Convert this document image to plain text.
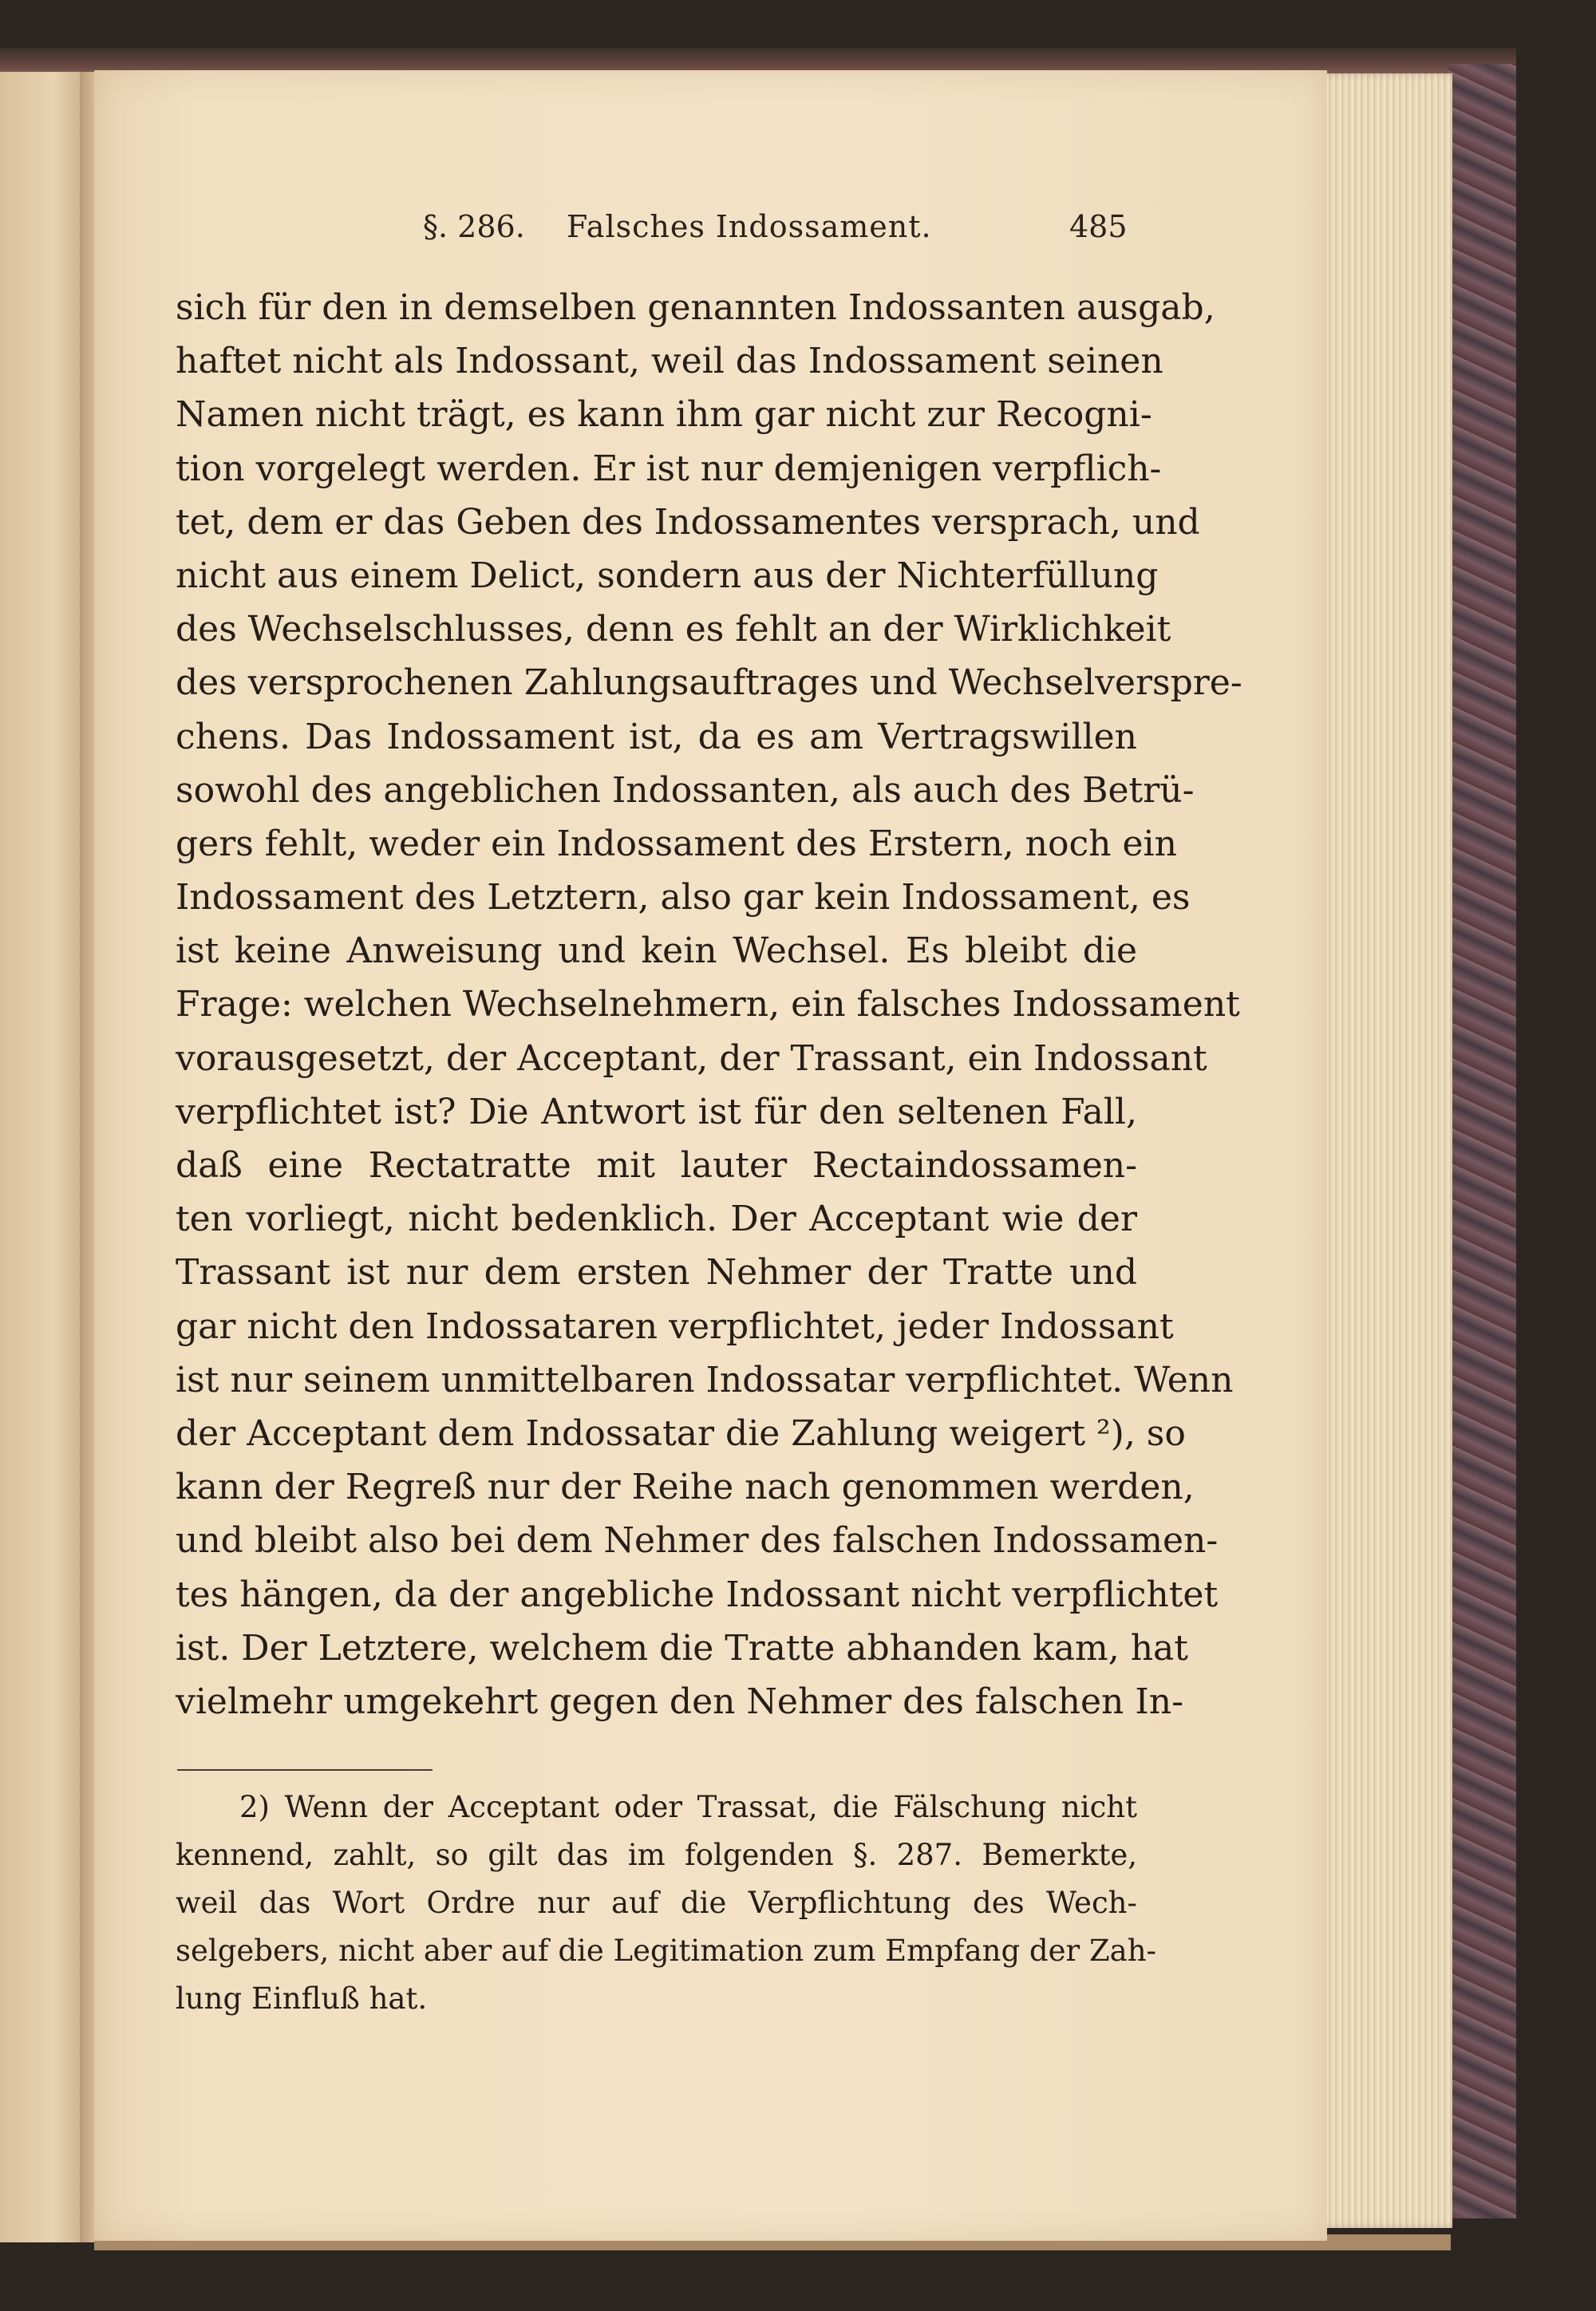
§. 286. Falsches Indossament.	485
sich für den in demselben genannten Indossanten ausgab,
haftet nicht als Indossant, weil das Indossament seinen
Namen nicht trägt, es kann ihm gar nicht zur Recogni-
tion vorgelegt werden. Er ist nur demjenigen verpflich-
tet, dem er das Geben des Indossamentes versprach, und
nicht aus einem Delict, sondern aus der Nichterfüllung
des Wechselschlusses, denn es fehlt an der Wirklichkeit
des versprochenen Zahlungsauftrages und Wechselverspre-
chens. Das Indossament ist, da es am Vertragswillen
sowohl des angeblichen Indossanten, als auch des Betrü-
gers fehlt, weder ein Indossament des Erstern, noch ein
Indossament des Letztern, also gar kein Indossament, es
ist keine Anweisung und kein Wechsel. Es bleibt die
Frage: welchen Wechselnehmern, ein falsches Indossament
vorausgesetzt, der Acceptant, der Trassant, ein Indossant
verpflichtet ist? Die Antwort ist für den seltenen Fall,
daß eine Rectatratte mit lauter Rectaindossamen-
ten vorliegt, nicht bedenklich. Der Acceptant wie der
Trassant ist nur dem ersten Nehmer der Tratte und
gar nicht den Indossataren verpflichtet, jeder Indossant
ist nur seinem unmittelbaren Indossatar verpflichtet. Wenn
der Acceptant dem Indossatar die Zahlung weigert ²), so
kann der Regreß nur der Reihe nach genommen werden,
und bleibt also bei dem Nehmer des falschen Indossamen-
tes hängen, da der angebliche Indossant nicht verpflichtet
ist. Der Letztere, welchem die Tratte abhanden kam, hat
vielmehr umgekehrt gegen den Nehmer des falschen In-
2) Wenn der Acceptant oder Trassat, die Fälschung nicht
kennend, zahlt, so gilt das im folgenden §. 287. Bemerkte,
weil das Wort Ordre nur auf die Verpflichtung des Wech-
selgebers, nicht aber auf die Legitimation zum Empfang der Zah-
lung Einfluß hat.
